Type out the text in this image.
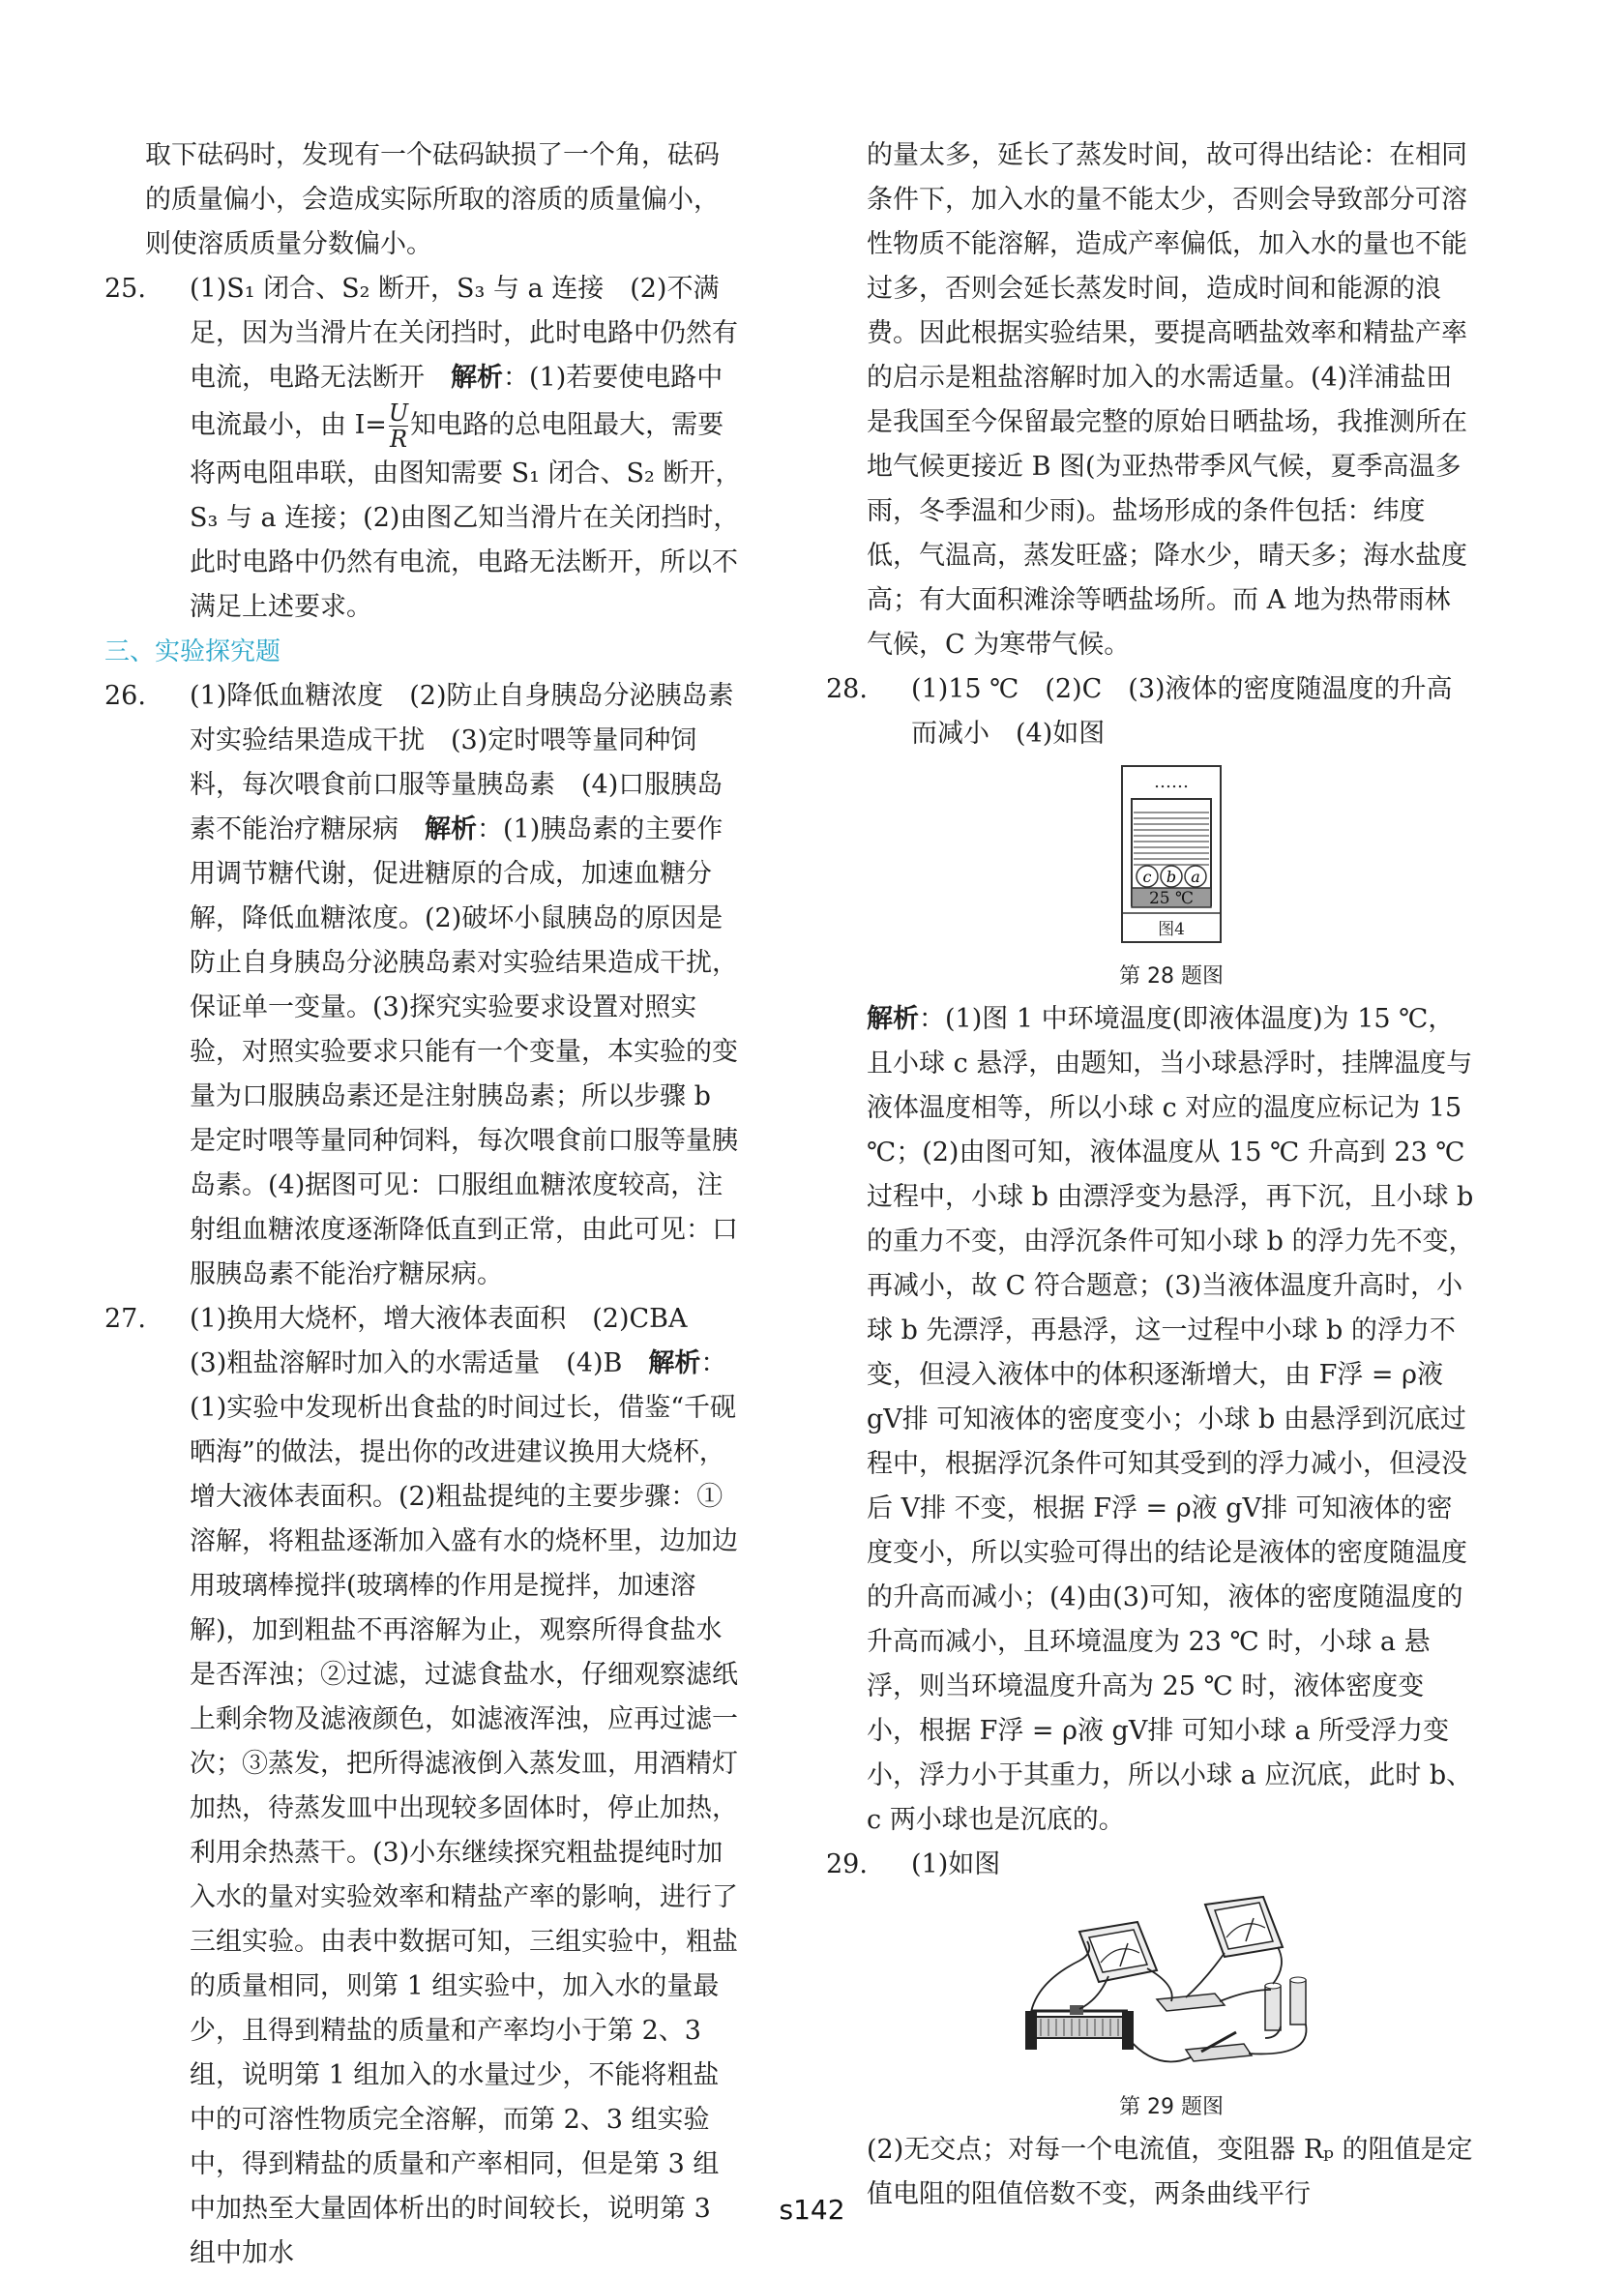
取下砝码时，发现有一个砝码缺损了一个角，砝码的质量偏小，会造成实际所取的溶质的质量偏小，则使溶质质量分数偏小。

25. (1)S₁ 闭合、S₂ 断开，S₃ 与 a 连接　(2)不满足，因为当滑片在关闭挡时，此时电路中仍然有电流，电路无法断开　解析：(1)若要使电路中电流最小，由 $I= \frac{U}{R}$ 知电路的总电阻最大，需要将两电阻串联，由图知需要 S₁ 闭合、S₂ 断开，S₃ 与 a 连接；(2)由图乙知当滑片在关闭挡时，此时电路中仍然有电流，电路无法断开，所以不满足上述要求。

三、实验探究题

26. (1)降低血糖浓度　(2)防止自身胰岛分泌胰岛素对实验结果造成干扰　(3)定时喂等量同种饲料，每次喂食前口服等量胰岛素　(4)口服胰岛素不能治疗糖尿病　解析：(1)胰岛素的主要作用调节糖代谢，促进糖原的合成，加速血糖分解，降低血糖浓度。(2)破坏小鼠胰岛的原因是防止自身胰岛分泌胰岛素对实验结果造成干扰，保证单一变量。(3)探究实验要求设置对照实验，对照实验要求只能有一个变量，本实验的变量为口服胰岛素还是注射胰岛素；所以步骤 b 是定时喂等量同种饲料，每次喂食前口服等量胰岛素。(4)据图可见：口服组血糖浓度较高，注射组血糖浓度逐渐降低直到正常，由此可见：口服胰岛素不能治疗糖尿病。
27. (1)换用大烧杯，增大液体表面积　(2)CBA　(3)粗盐溶解时加入的水需适量　(4)B　解析：(1)实验中发现析出食盐的时间过长，借鉴“千砚晒海”的做法，提出你的改进建议换用大烧杯，增大液体表面积。(2)粗盐提纯的主要步骤：①溶解，将粗盐逐渐加入盛有水的烧杯里，边加边用玻璃棒搅拌(玻璃棒的作用是搅拌，加速溶解)，加到粗盐不再溶解为止，观察所得食盐水是否浑浊；②过滤，过滤食盐水，仔细观察滤纸上剩余物及滤液颜色，如滤液浑浊，应再过滤一次；③蒸发，把所得滤液倒入蒸发皿，用酒精灯加热，待蒸发皿中出现较多固体时，停止加热，利用余热蒸干。(3)小东继续探究粗盐提纯时加入水的量对实验效率和精盐产率的影响，进行了三组实验。由表中数据可知，三组实验中，粗盐的质量相同，则第 1 组实验中，加入水的量最少，且得到精盐的质量和产率均小于第 2、3 组，说明第 1 组加入的水量过少，不能将粗盐中的可溶性物质完全溶解，而第 2、3 组实验中，得到精盐的质量和产率相同，但是第 3 组中加热至大量固体析出的时间较长，说明第 3 组中加水

的量太多，延长了蒸发时间，故可得出结论：在相同条件下，加入水的量不能太少，否则会导致部分可溶性物质不能溶解，造成产率偏低，加入水的量也不能过多，否则会延长蒸发时间，造成时间和能源的浪费。因此根据实验结果，要提高晒盐效率和精盐产率的启示是粗盐溶解时加入的水需适量。(4)洋浦盐田是我国至今保留最完整的原始日晒盐场，我推测所在地气候更接近 B 图(为亚热带季风气候，夏季高温多雨，冬季温和少雨)。盐场形成的条件包括：纬度低，气温高，蒸发旺盛；降水少，晴天多；海水盐度高；有大面积滩涂等晒盐场所。而 A 地为热带雨林气候，C 为寒带气候。

28. (1)15 ℃　(2)C　(3)液体的密度随温度的升高而减小　(4)如图
……
c b a
25 ℃
图4
第 28 题图

解析：(1)图 1 中环境温度(即液体温度)为 15 ℃，且小球 c 悬浮，由题知，当小球悬浮时，挂牌温度与液体温度相等，所以小球 c 对应的温度应标记为 15 ℃；(2)由图可知，液体温度从 15 ℃ 升高到 23 ℃ 过程中，小球 b 由漂浮变为悬浮，再下沉，且小球 b 的重力不变，由浮沉条件可知小球 b 的浮力先不变，再减小，故 C 符合题意；(3)当液体温度升高时，小球 b 先漂浮，再悬浮，这一过程中小球 b 的浮力不变，但浸入液体中的体积逐渐增大，由 F浮 = ρ液 gV排 可知液体的密度变小；小球 b 由悬浮到沉底过程中，根据浮沉条件可知其受到的浮力减小，但浸没后 V排 不变，根据 F浮 = ρ液 gV排 可知液体的密度变小，所以实验可得出的结论是液体的密度随温度的升高而减小；(4)由(3)可知，液体的密度随温度的升高而减小，且环境温度为 23 ℃ 时，小球 a 悬浮，则当环境温度升高为 25 ℃ 时，液体密度变小，根据 F浮 = ρ液 gV排 可知小球 a 所受浮力变小，浮力小于其重力，所以小球 a 应沉底，此时 b、c 两小球也是沉底的。

29. (1)如图
第 29 题图

(2)无交点；对每一个电流值，变阻器 Rₚ 的阻值是定值电阻的阻值倍数不变，两条曲线平行

s142
